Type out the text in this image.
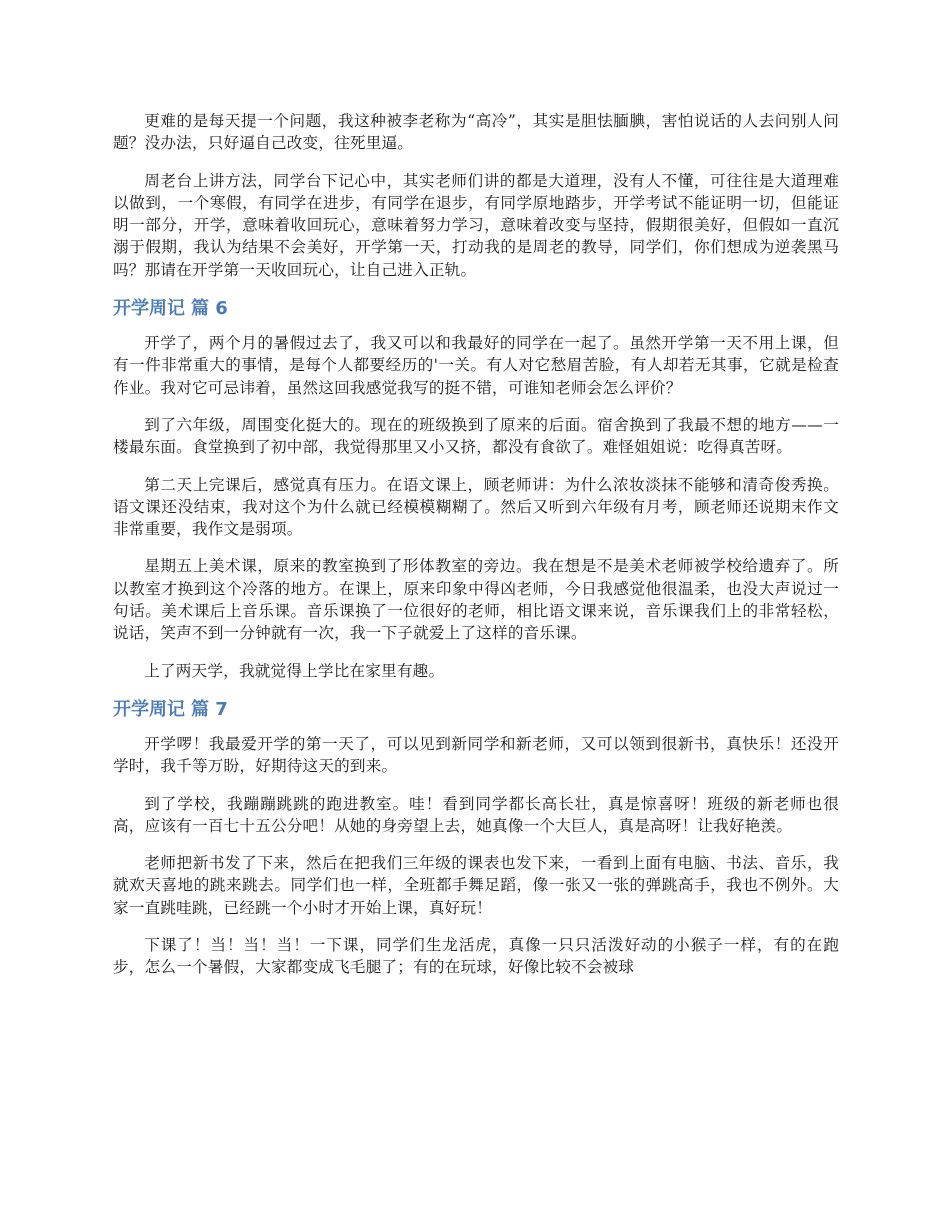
更难的是每天提一个问题，我这种被李老称为“高冷”，其实是胆怯腼腆，害怕说话的人去问别人问题？没办法，只好逼自己改变，往死里逼。

周老台上讲方法，同学台下记心中，其实老师们讲的都是大道理，没有人不懂，可往往是大道理难以做到，一个寒假，有同学在进步，有同学在退步，有同学原地踏步，开学考试不能证明一切，但能证明一部分，开学，意味着收回玩心，意味着努力学习，意味着改变与坚持，假期很美好，但假如一直沉溺于假期，我认为结果不会美好，开学第一天，打动我的是周老的教导，同学们，你们想成为逆袭黑马吗？那请在开学第一天收回玩心，让自己进入正轨。

开学周记 篇 6

开学了，两个月的暑假过去了，我又可以和我最好的同学在一起了。虽然开学第一天不用上课，但有一件非常重大的事情，是每个人都要经历的'一关。有人对它愁眉苦脸，有人却若无其事，它就是检查作业。我对它可忌讳着，虽然这回我感觉我写的挺不错，可谁知老师会怎么评价？

到了六年级，周围变化挺大的。现在的班级换到了原来的后面。宿舍换到了我最不想的地方——一楼最东面。食堂换到了初中部，我觉得那里又小又挤，都没有食欲了。难怪姐姐说：吃得真苦呀。

第二天上完课后，感觉真有压力。在语文课上，顾老师讲：为什么浓妆淡抹不能够和清奇俊秀换。语文课还没结束，我对这个为什么就已经模模糊糊了。然后又听到六年级有月考，顾老师还说期末作文非常重要，我作文是弱项。

星期五上美术课，原来的教室换到了形体教室的旁边。我在想是不是美术老师被学校给遗弃了。所以教室才换到这个冷落的地方。在课上，原来印象中得凶老师，今日我感觉他很温柔，也没大声说过一句话。美术课后上音乐课。音乐课换了一位很好的老师，相比语文课来说，音乐课我们上的非常轻松，说话，笑声不到一分钟就有一次，我一下子就爱上了这样的音乐课。

上了两天学，我就觉得上学比在家里有趣。

开学周记 篇 7

开学啰！我最爱开学的第一天了，可以见到新同学和新老师，又可以领到很新书，真快乐！还没开学时，我千等万盼，好期待这天的到来。

到了学校，我蹦蹦跳跳的跑进教室。哇！看到同学都长高长壮，真是惊喜呀！班级的新老师也很高，应该有一百七十五公分吧！从她的身旁望上去，她真像一个大巨人，真是高呀！让我好艳羡。

老师把新书发了下来，然后在把我们三年级的课表也发下来，一看到上面有电脑、书法、音乐，我就欢天喜地的跳来跳去。同学们也一样，全班都手舞足蹈，像一张又一张的弹跳高手，我也不例外。大家一直跳哇跳，已经跳一个小时才开始上课，真好玩！

下课了！当！当！当！一下课，同学们生龙活虎，真像一只只活泼好动的小猴子一样，有的在跑步，怎么一个暑假，大家都变成飞毛腿了；有的在玩球，好像比较不会被球
